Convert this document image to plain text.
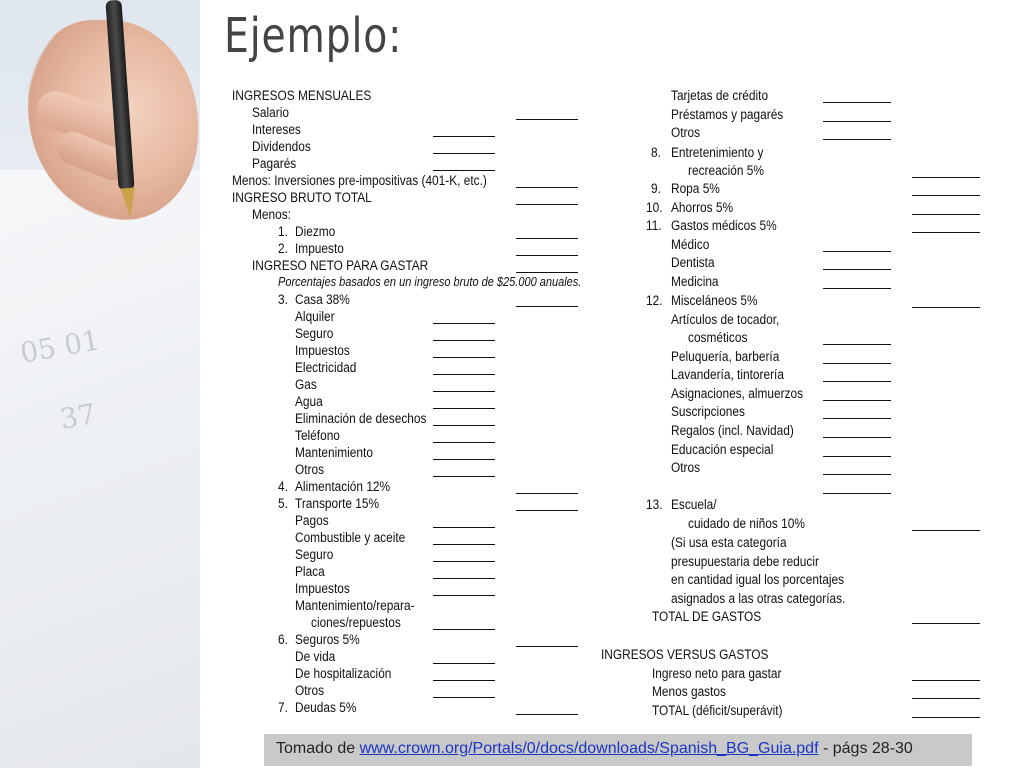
05 01
37
Ejemplo:
INGRESOS MENSUALES
Salario
Intereses
Dividendos
Pagarés
Menos: Inversiones pre-impositivas (401-K, etc.)
INGRESO BRUTO TOTAL
Menos:
1. Diezmo
2. Impuesto
INGRESO NETO PARA GASTAR
Porcentajes basados en un ingreso bruto de $25.000 anuales.
3. Casa 38%
Alquiler
Seguro
Impuestos
Electricidad
Gas
Agua
Eliminación de desechos
Teléfono
Mantenimiento
Otros
4. Alimentación 12%
5. Transporte 15%
Pagos
Combustible y aceite
Seguro
Placa
Impuestos
Mantenimiento/repara-
ciones/repuestos
6. Seguros 5%
De vida
De hospitalización
Otros
7. Deudas 5%
Tarjetas de crédito
Préstamos y pagarés
Otros
8. Entretenimiento y
recreación 5%
9. Ropa 5%
10. Ahorros 5%
11. Gastos médicos 5%
Médico
Dentista
Medicina
12. Misceláneos 5%
Artículos de tocador,
cosméticos
Peluquería, barbería
Lavandería, tintorería
Asignaciones, almuerzos
Suscripciones
Regalos (incl. Navidad)
Educación especial
Otros
13. Escuela/
cuidado de niños 10%
(Si usa esta categoría
presupuestaria debe reducir
en cantidad igual los porcentajes
asignados a las otras categorías.
TOTAL DE GASTOS
INGRESOS VERSUS GASTOS
Ingreso neto para gastar
Menos gastos
TOTAL (déficit/superávit)
Tomado de www.crown.org/Portals/0/docs/downloads/Spanish_BG_Guia.pdf - págs 28-30
